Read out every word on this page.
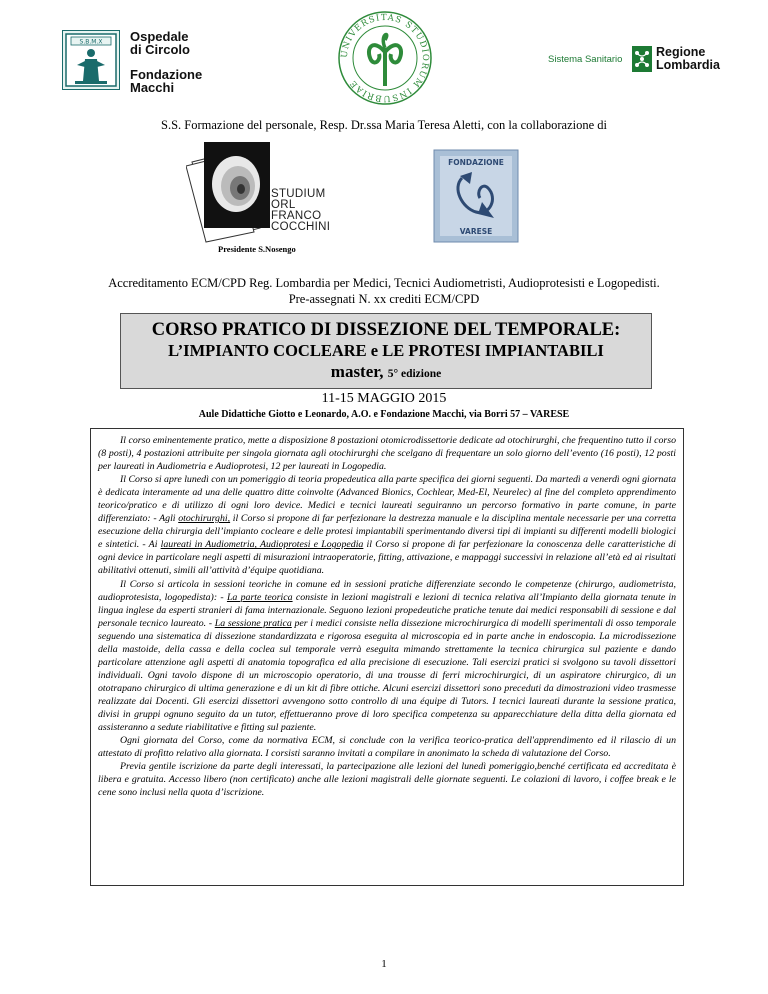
S.B.M.X Ospedale
di Circolo
Fondazione
Macchi
UNIVERSITAS STUDIORUM INSUBRIAE
Sistema Sanitario
Regione
Lombardia
S.S. Formazione del personale, Resp. Dr.ssa Maria Teresa Aletti, con la collaborazione di
STUDIUM
ORL
FRANCO
COCCHINI
Presidente S.Nosengo
FONDAZIONE
VARESE
Accreditamento ECM/CPD Reg. Lombardia per Medici, Tecnici Audiometristi, Audioprotesisti e Logopedisti.
Pre-assegnati N. xx crediti ECM/CPD
CORSO PRATICO DI DISSEZIONE DEL TEMPORALE:
L’IMPIANTO COCLEARE e LE PROTESI IMPIANTABILI
master, 5° edizione
11-15 MAGGIO 2015
Aule Didattiche Giotto e Leonardo, A.O. e Fondazione Macchi, via Borri 57 – VARESE

Il corso eminentemente pratico, mette a disposizione 8 postazioni otomicrodissettorie dedicate ad otochirurghi, che frequentino tutto il corso (8 posti), 4 postazioni attribuite per singola giornata agli otochirurghi che scelgano di frequentare un solo giorno dell’evento (16 posti), 12 posti per laureati in Audiometria e Audioprotesi, 12 per laureati in Logopedia.

Il Corso si apre lunedì con un pomeriggio di teoria propedeutica alla parte specifica dei giorni seguenti. Da martedì a venerdì ogni giornata è dedicata interamente ad una delle quattro ditte coinvolte (Advanced Bionics, Cochlear, Med-El, Neurelec) al fine del completo apprendimento teorico/pratico e di utilizzo di ogni loro device. Medici e tecnici laureati seguiranno un percorso formativo in parte comune, in parte differenziato: - Agli otochirurghi, il Corso si propone di far perfezionare la destrezza manuale e la disciplina mentale necessarie per una corretta esecuzione della chirurgia dell’impianto cocleare e delle protesi impiantabili sperimentando diversi tipi di impianti su differenti modelli biologici e sintetici. - Ai laureati in Audiometria, Audioprotesi e Logopedia il Corso si propone di far perfezionare la conoscenza delle caratteristiche di ogni device in particolare negli aspetti di misurazioni intraoperatorie, fitting, attivazione, e mappaggi successivi in relazione all’età ed ai risultati abilitativi ottenuti, simili all’attività d’équipe quotidiana.

Il Corso si articola in sessioni teoriche in comune ed in sessioni pratiche differenziate secondo le competenze (chirurgo, audiometrista, audioprotesista, logopedista): - La parte teorica consiste in lezioni magistrali e lezioni di tecnica relativa all’Impianto della giornata tenute in lingua inglese da esperti stranieri di fama internazionale. Seguono lezioni propedeutiche pratiche tenute dai medici responsabili di sessione e dal personale tecnico laureato. - La sessione pratica per i medici consiste nella dissezione microchirurgica di modelli sperimentali di osso temporale seguendo una sistematica di dissezione standardizzata e rigorosa eseguita al microscopia ed in parte anche in endoscopia. La microdissezione della mastoide, della cassa e della coclea sul temporale verrà eseguita mimando strettamente la tecnica chirurgica sul paziente e dando particolare attenzione agli aspetti di anatomia topografica ed alla precisione di esecuzione. Tali esercizi pratici si svolgono su tavoli dissettori individuali. Ogni tavolo dispone di un microscopio operatorio, di una trousse di ferri microchirurgici, di un aspiratore chirurgico, di un ototrapano chirurgico di ultima generazione e di un kit di fibre ottiche. Alcuni esercizi dissettori sono preceduti da dimostrazioni video trasmesse realizzate dai Docenti. Gli esercizi dissettori avvengono sotto controllo di una équipe di Tutors. I tecnici laureati durante la sessione pratica, divisi in gruppi ognuno seguito da un tutor, effettueranno prove di loro specifica competenza su apparecchiature della ditta della giornata ed assisteranno a sedute riabilitative e fitting sul paziente.

Ogni giornata del Corso, come da normativa ECM, si conclude con la verifica teorico-pratica dell'apprendimento ed il rilascio di un attestato di profitto relativo alla giornata. I corsisti saranno invitati a compilare in anonimato la scheda di valutazione del Corso.

Previa gentile iscrizione da parte degli interessati, la partecipazione alle lezioni del lunedì pomeriggio,benché certificata ed accreditata è libera e gratuita. Accesso libero (non certificato) anche alle lezioni magistrali delle giornate seguenti. Le colazioni di lavoro, i coffee break e le cene sono inclusi nella quota d’iscrizione.

1
